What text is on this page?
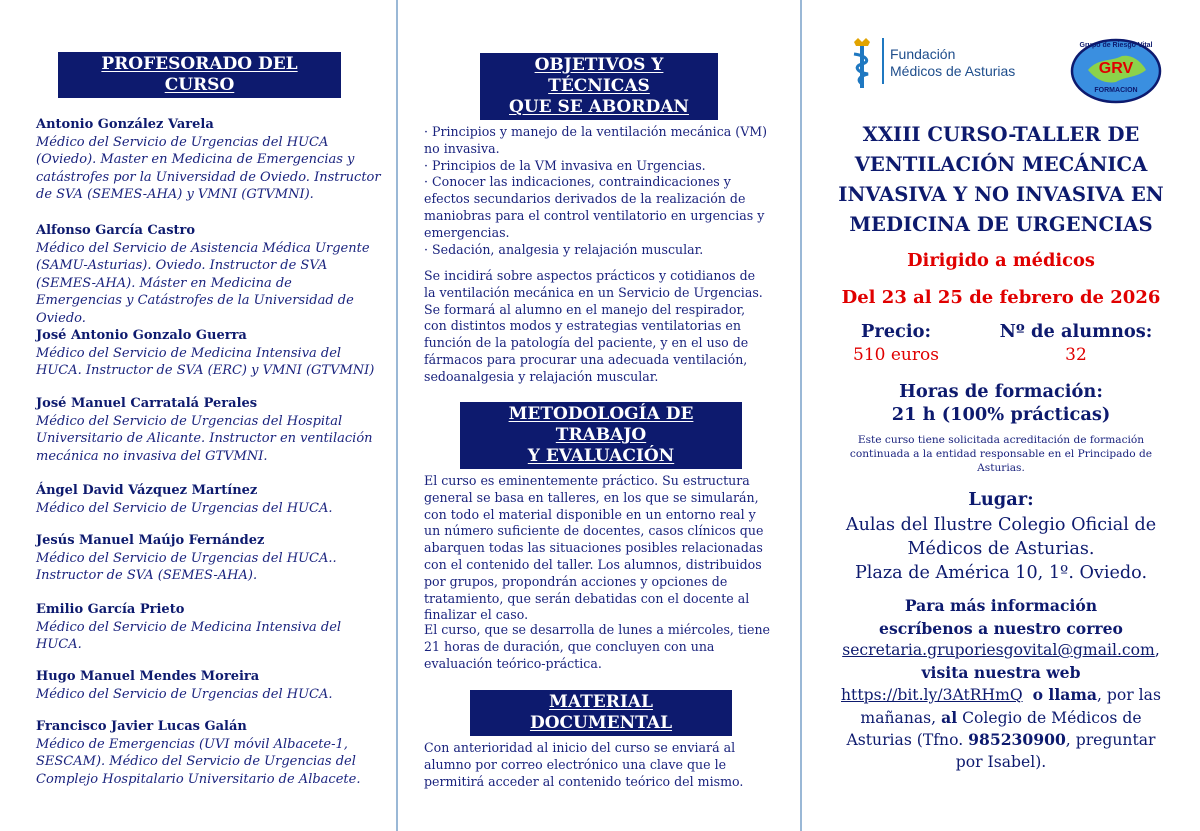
PROFESORADO DEL CURSO
Antonio González Varela
Médico del Servicio de Urgencias del HUCA (Oviedo). Master en Medicina de Emergencias y catástrofes por la Universidad de Oviedo. Instructor de SVA (SEMES-AHA) y VMNI (GTVMNI).
Alfonso García Castro
Médico del Servicio de Asistencia Médica Urgente (SAMU-Asturias). Oviedo. Instructor de SVA (SEMES-AHA). Máster en Medicina de Emergencias y Catástrofes de la Universidad de Oviedo.
José Antonio Gonzalo Guerra
Médico del Servicio de Medicina Intensiva del HUCA. Instructor de SVA (ERC) y VMNI (GTVMNI)
José Manuel Carratalá Perales
Médico del Servicio de Urgencias del Hospital Universitario de Alicante. Instructor en ventilación mecánica no invasiva del GTVMNI.
Ángel David Vázquez Martínez
Médico del Servicio de Urgencias del HUCA.
Jesús Manuel Maújo Fernández
Médico del Servicio de Urgencias del HUCA.. Instructor de SVA (SEMES-AHA).
Emilio García Prieto
Médico del Servicio de Medicina Intensiva del HUCA.
Hugo Manuel Mendes Moreira
Médico del Servicio de Urgencias del HUCA.
Francisco Javier Lucas Galán
Médico de Emergencias (UVI móvil Albacete-1, SESCAM). Médico del Servicio de Urgencias del Complejo Hospitalario Universitario de Albacete.
OBJETIVOS Y TÉCNICAS
QUE SE ABORDAN
· Principios y manejo de la ventilación mecánica (VM) no invasiva.
· Principios de la VM invasiva en Urgencias.
· Conocer las indicaciones, contraindicaciones y efectos secundarios derivados de la realización de maniobras para el control ventilatorio en urgencias y emergencias.
· Sedación, analgesia y relajación muscular.
Se incidirá sobre aspectos prácticos y cotidianos de la ventilación mecánica en un Servicio de Urgencias. Se formará al alumno en el manejo del respirador, con distintos modos y estrategias ventilatorias en función de la patología del paciente, y en el uso de fármacos para procurar una adecuada ventilación, sedoanalgesia y relajación muscular.
METODOLOGÍA DE TRABAJO
Y EVALUACIÓN
El curso es eminentemente práctico. Su estructura general se basa en talleres, en los que se simularán, con todo el material disponible en un entorno real y un número suficiente de docentes, casos clínicos que abarquen todas las situaciones posibles relacionadas con el contenido del taller. Los alumnos, distribuidos por grupos, propondrán acciones y opciones de tratamiento, que serán debatidas con el docente al finalizar el caso.
El curso, que se desarrolla de lunes a miércoles, tiene 21 horas de duración, que concluyen con una evaluación teórico-práctica.
MATERIAL DOCUMENTAL
Con anterioridad al inicio del curso se enviará al alumno por correo electrónico una clave que le permitirá acceder al contenido teórico del mismo.
Fundación
Médicos de Asturias
Grupo de Riesgo Vital
GRV
FORMACION
XXIII CURSO-TALLER DE
VENTILACIÓN MECÁNICA
INVASIVA Y NO INVASIVA EN
MEDICINA DE URGENCIAS
Dirigido a médicos
Del 23 al 25 de febrero de 2026
Precio:
510 euros
Nº de alumnos:
32
Horas de formación:
21 h (100% prácticas)
Este curso tiene solicitada acreditación de formación continuada a la entidad responsable en el Principado de Asturias.
Lugar:
Aulas del Ilustre Colegio Oficial de
Médicos de Asturias.
Plaza de América 10, 1º. Oviedo.
Para más información
escríbenos a nuestro correo
secretaria.gruporiesgovital@gmail.com,
visita nuestra web
https://bit.ly/3AtRHmQ o llama, por las
mañanas, al Colegio de Médicos de
Asturias (Tfno. 985230900, preguntar
por Isabel).
